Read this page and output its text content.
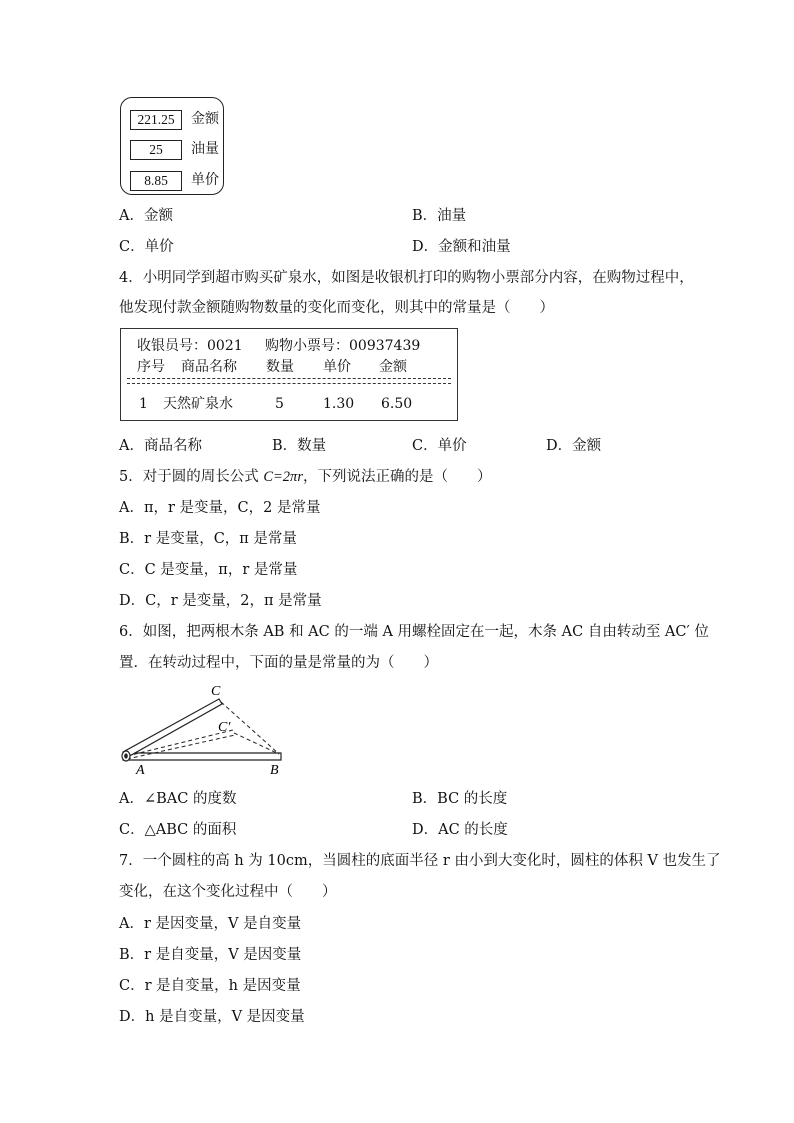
221.25	金额
25	油量
8.85	单价
A．金额	B．油量
C．单价	D．金额和油量
4．小明同学到超市购买矿泉水，如图是收银机打印的购物小票部分内容，在购物过程中，
他发现付款金额随购物数量的变化而变化，则其中的常量是（　　）
收银员号：0021 购物小票号：00937439
序号 商品名称 数量 单价 金额
1 天然矿泉水	5	1.30 6.50
A．商品名称	B．数量	C．单价	D．金额
5．对于圆的周长公式 C=2πr，下列说法正确的是（　　）
A．π，r 是变量，C，2 是常量
B．r 是变量，C，π 是常量
C．C 是变量，π，r 是常量
D．C，r 是变量，2，π 是常量
6．如图，把两根木条 AB 和 AC 的一端 A 用螺栓固定在一起，木条 AC 自由转动至 AC′ 位
置．在转动过程中，下面的量是常量的为（　　）
A	B
C
C′
A．∠BAC 的度数	B．BC 的长度
C．△ABC 的面积	D．AC 的长度
7．一个圆柱的高 h 为 10cm，当圆柱的底面半径 r 由小到大变化时，圆柱的体积 V 也发生了
变化，在这个变化过程中（　　）
A．r 是因变量，V 是自变量
B．r 是自变量，V 是因变量
C．r 是自变量，h 是因变量
D．h 是自变量，V 是因变量
